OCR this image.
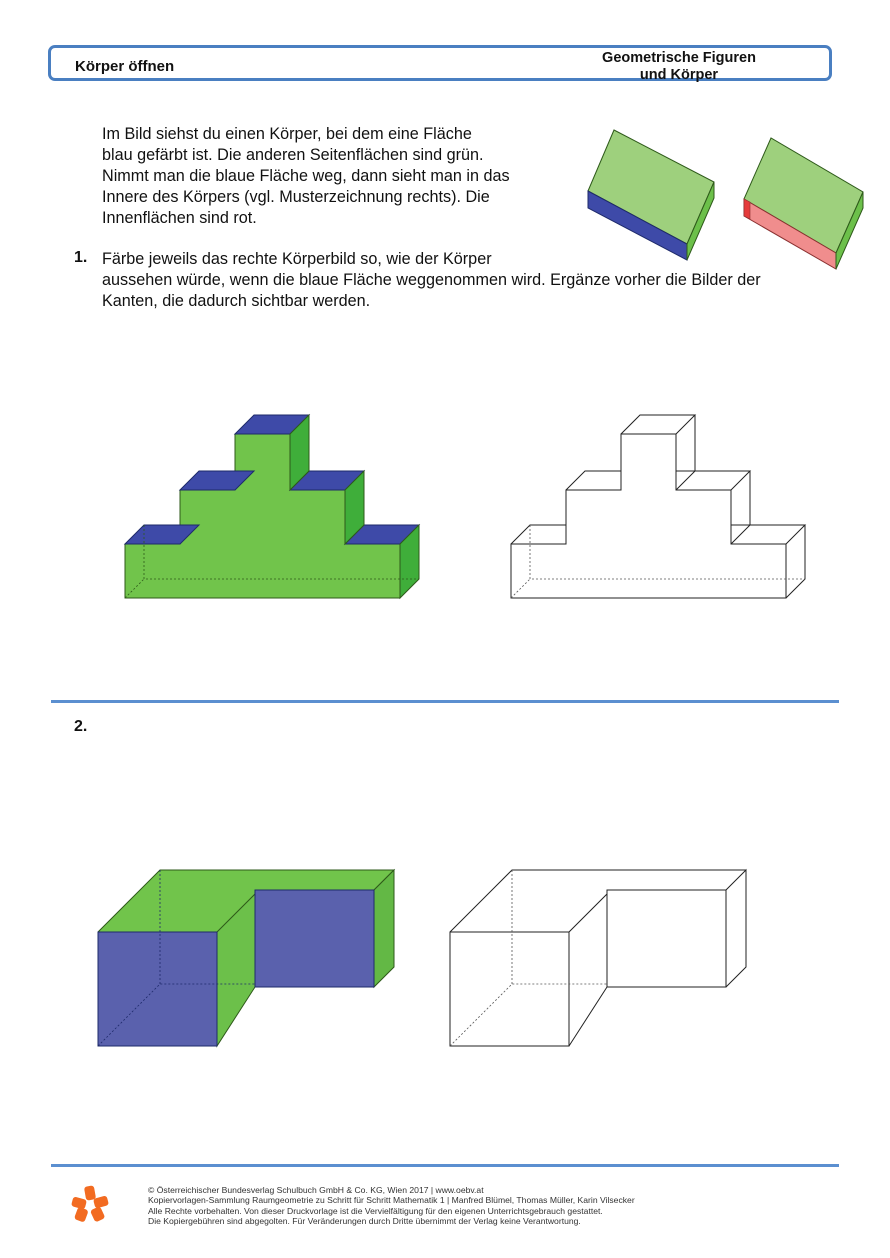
Körper öffnen	Geometrische Figuren
und Körper
Im Bild siehst du einen Körper, bei dem eine Fläche
blau gefärbt ist. Die anderen Seitenflächen sind grün.
Nimmt man die blaue Fläche weg, dann sieht man in das
Innere des Körpers (vgl. Musterzeichnung rechts). Die
Innenflächen sind rot.
1. Färbe jeweils das rechte Körperbild so, wie der Körper
aussehen würde, wenn die blaue Fläche weggenommen wird. Ergänze vorher die Bilder der
Kanten, die dadurch sichtbar werden.
2.
© Österreichischer Bundesverlag Schulbuch GmbH & Co. KG, Wien 2017 | www.oebv.at
Kopiervorlagen-Sammlung Raumgeometrie zu Schritt für Schritt Mathematik 1 | Manfred Blümel, Thomas Müller, Karin Vilsecker
Alle Rechte vorbehalten. Von dieser Druckvorlage ist die Vervielfältigung für den eigenen Unterrichtsgebrauch gestattet.
Die Kopiergebühren sind abgegolten. Für Veränderungen durch Dritte übernimmt der Verlag keine Verantwortung.
